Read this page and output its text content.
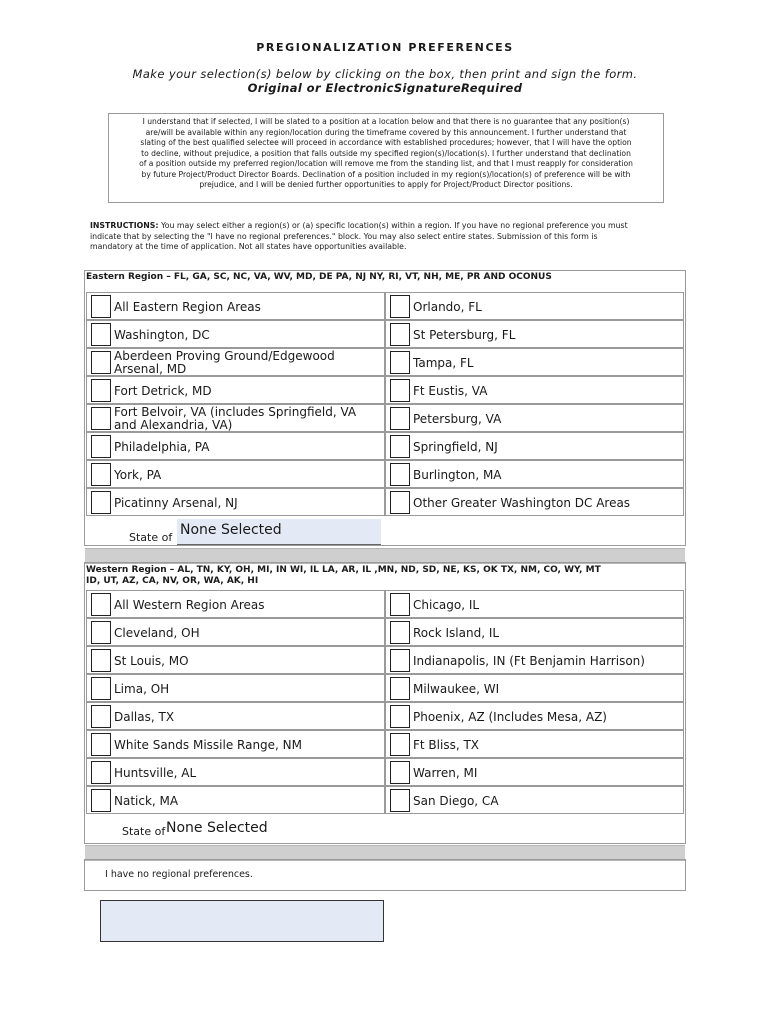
PREGIONALIZATION PREFERENCES
Make your selection(s) below by clicking on the box, then print and sign the form.
Original or ElectronicSignatureRequired
I understand that if selected, I will be slated to a position at a location below and that there is no guarantee that any position(s)
are/will be available within any region/location during the timeframe covered by this announcement. I further understand that
slating of the best qualified selectee will proceed in accordance with established procedures; however, that I will have the option
to decline, without prejudice, a position that falls outside my specified region(s)/location(s). I further understand that declination
of a position outside my preferred region/location will remove me from the standing list, and that I must reapply for consideration
by future Project/Product Director Boards. Declination of a position included in my region(s)/location(s) of preference will be with
prejudice, and I will be denied further opportunities to apply for Project/Product Director positions.
INSTRUCTIONS: You may select either a region(s) or (a) specific location(s) within a region. If you have no regional preference you must
indicate that by selecting the "I have no regional preferences." block. You may also select entire states. Submission of this form is
mandatory at the time of application. Not all states have opportunities available.
Eastern Region – FL, GA, SC, NC, VA, WV, MD, DE PA, NJ NY, RI, VT, NH, ME, PR AND OCONUS
All Eastern Region Areas	Orlando, FL
Washington, DC	St Petersburg, FL
Aberdeen Proving Ground/Edgewood Arsenal, MD	Tampa, FL
Fort Detrick, MD	Ft Eustis, VA
Fort Belvoir, VA (includes Springfield, VA and Alexandria, VA)	Petersburg, VA
Philadelphia, PA	Springfield, NJ
York, PA	Burlington, MA
Picatinny Arsenal, NJ	Other Greater Washington DC Areas
State of None Selected
Western Region – AL, TN, KY, OH, MI, IN WI, IL LA, AR, IL ,MN, ND, SD, NE, KS, OK TX, NM, CO, WY, MT
ID, UT, AZ, CA, NV, OR, WA, AK, HI
All Western Region Areas	Chicago, IL
Cleveland, OH	Rock Island, IL
St Louis, MO	Indianapolis, IN (Ft Benjamin Harrison)
Lima, OH	Milwaukee, WI
Dallas, TX	Phoenix, AZ (Includes Mesa, AZ)
White Sands Missile Range, NM	Ft Bliss, TX
Huntsville, AL	Warren, MI
Natick, MA	San Diego, CA
State of None Selected
I have no regional preferences.
